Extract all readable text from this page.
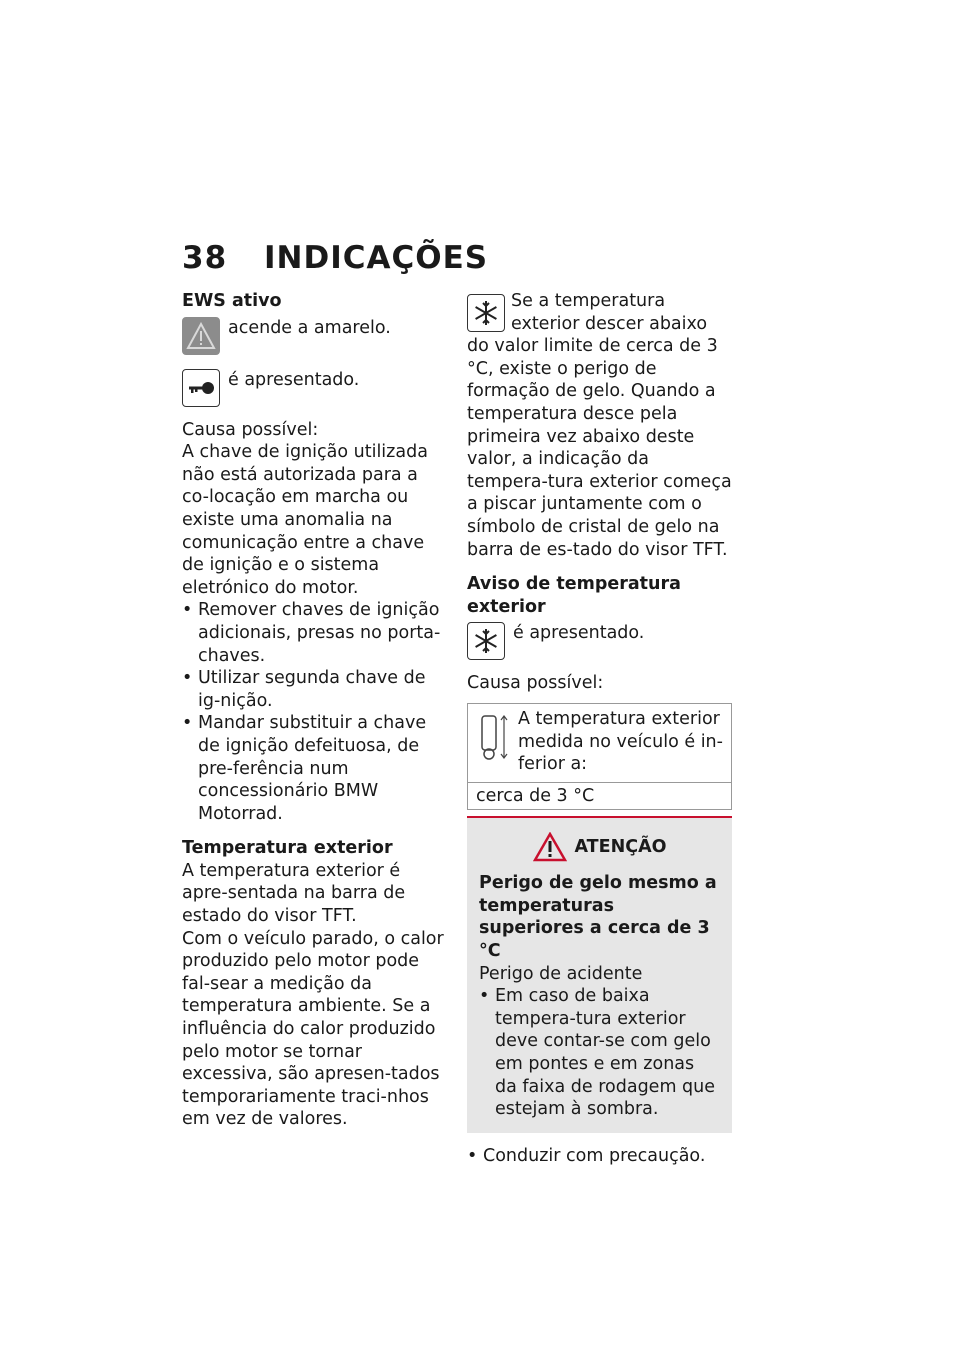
38 INDICAÇÕES

EWS ativo

acende a amarelo.
é apresentado.

Causa possível:

A chave de ignição utilizada não está autorizada para a co-locação em marcha ou existe uma anomalia na comunicação entre a chave de ignição e o sistema eletrónico do motor.

• Remover chaves de ignição adicionais, presas no porta-chaves.
• Utilizar segunda chave de ig-nição.
• Mandar substituir a chave de ignição defeituosa, de pre-ferência num concessionário BMW Motorrad.

Temperatura exterior

A temperatura exterior é apre-sentada na barra de estado do visor TFT.

Com o veículo parado, o calor produzido pelo motor pode fal-sear a medição da temperatura ambiente. Se a influência do calor produzido pelo motor se tornar excessiva, são apresen-tados temporariamente traci-nhos em vez de valores.

Se a temperatura exterior descer abaixo do valor limite de cerca de 3 °C, existe o perigo de formação de gelo. Quando a temperatura desce pela primeira vez abaixo deste valor, a indicação da tempera-tura exterior começa a piscar juntamente com o símbolo de cristal de gelo na barra de es-tado do visor TFT.

Aviso de temperatura exterior

é apresentado.

Causa possível:

A temperatura exterior medida no veículo é in-ferior a:
cerca de 3 °C
ATENÇÃO

Perigo de gelo mesmo a temperaturas superiores a cerca de 3 °C

Perigo de acidente

• Em caso de baixa tempera-tura exterior deve contar-se com gelo em pontes e em zonas da faixa de rodagem que estejam à sombra.
• Conduzir com precaução.
